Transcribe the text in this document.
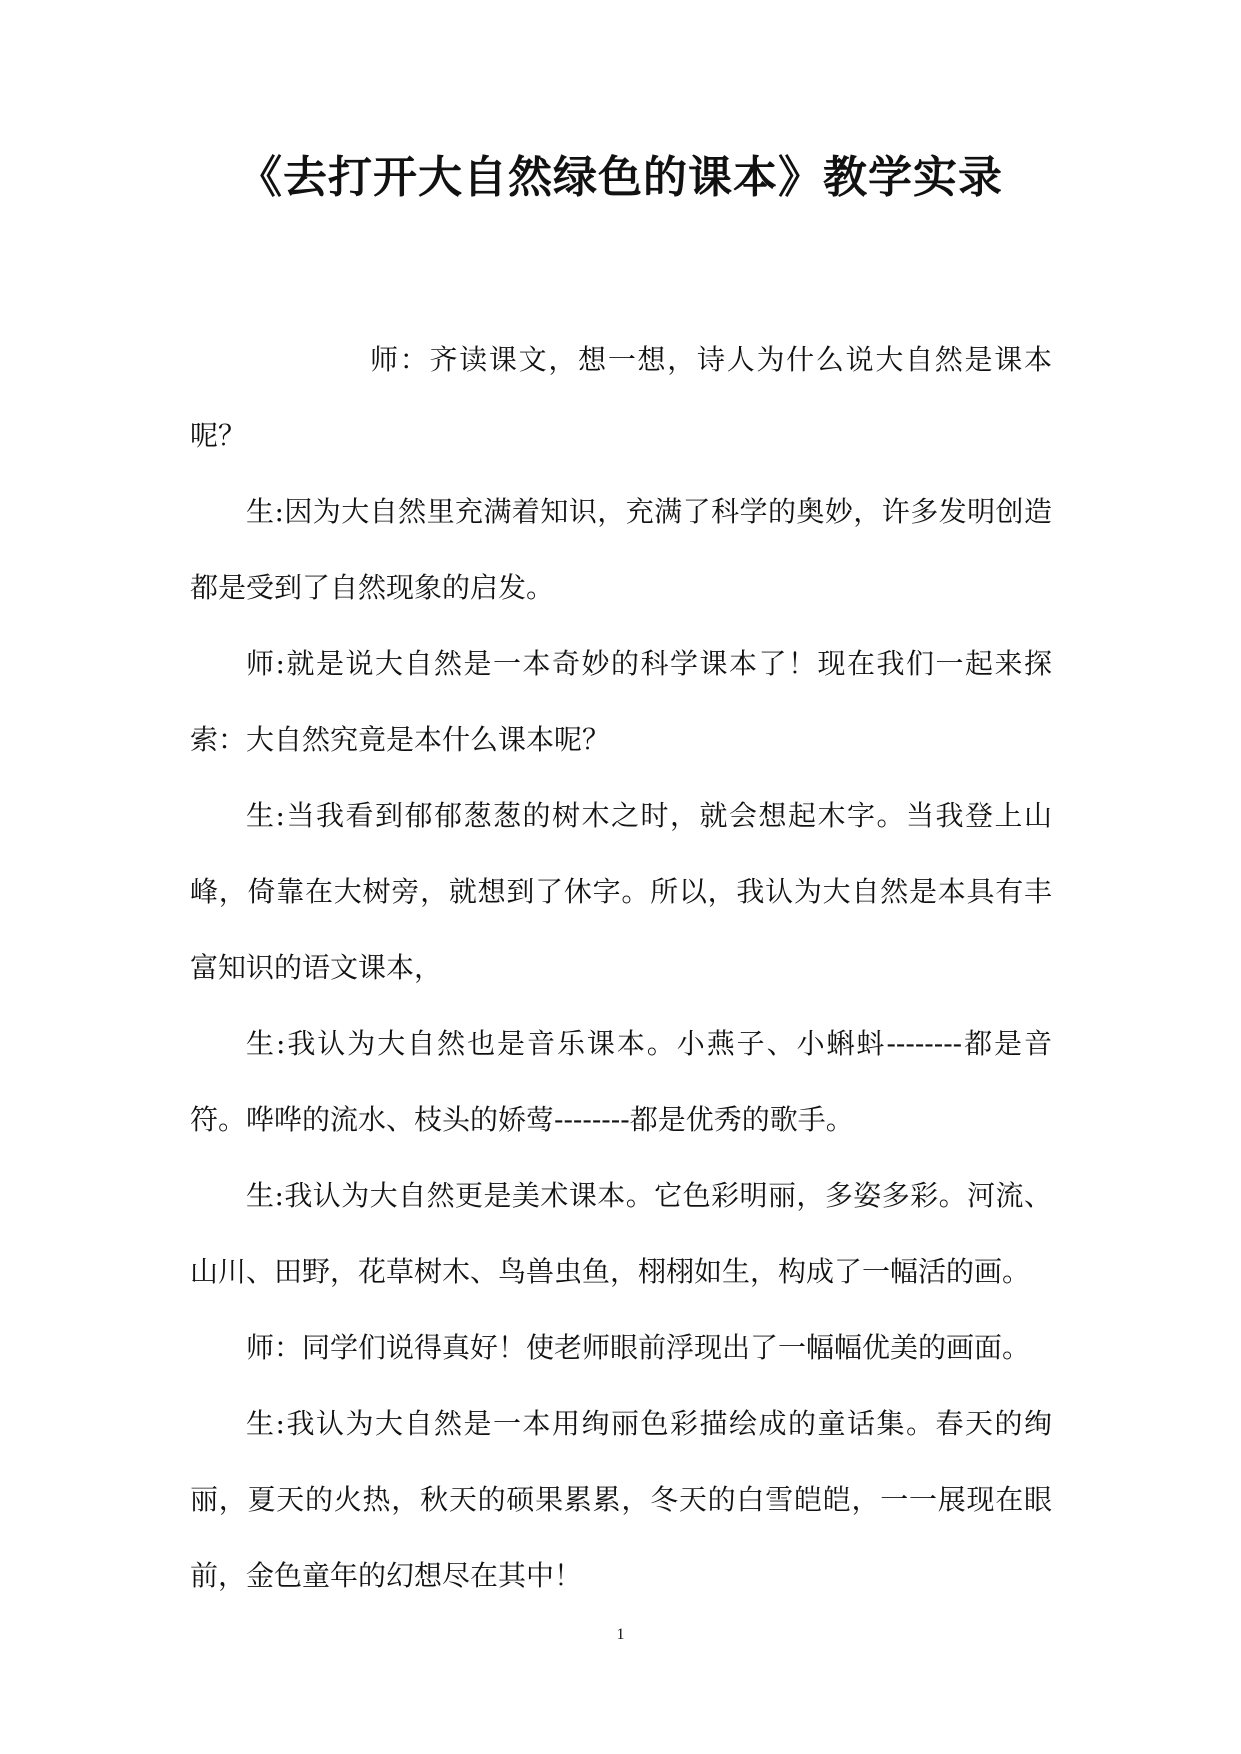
《去打开大自然绿色的课本》教学实录

师：齐读课文，想一想，诗人为什么说大自然是课本呢？

生:因为大自然里充满着知识，充满了科学的奥妙，许多发明创造都是受到了自然现象的启发。

师:就是说大自然是一本奇妙的科学课本了！现在我们一起来探索：大自然究竟是本什么课本呢？

生:当我看到郁郁葱葱的树木之时，就会想起木字。当我登上山峰，倚靠在大树旁，就想到了休字。所以，我认为大自然是本具有丰富知识的语文课本，

生:我认为大自然也是音乐课本。小燕子、小蝌蚪--------都是音符。哗哗的流水、枝头的娇莺--------都是优秀的歌手。

生:我认为大自然更是美术课本。它色彩明丽，多姿多彩。河流、山川、田野，花草树木、鸟兽虫鱼，栩栩如生，构成了一幅活的画。

师：同学们说得真好！使老师眼前浮现出了一幅幅优美的画面。

生:我认为大自然是一本用绚丽色彩描绘成的童话集。春天的绚丽，夏天的火热，秋天的硕果累累，冬天的白雪皑皑，一一展现在眼前，金色童年的幻想尽在其中！

1
